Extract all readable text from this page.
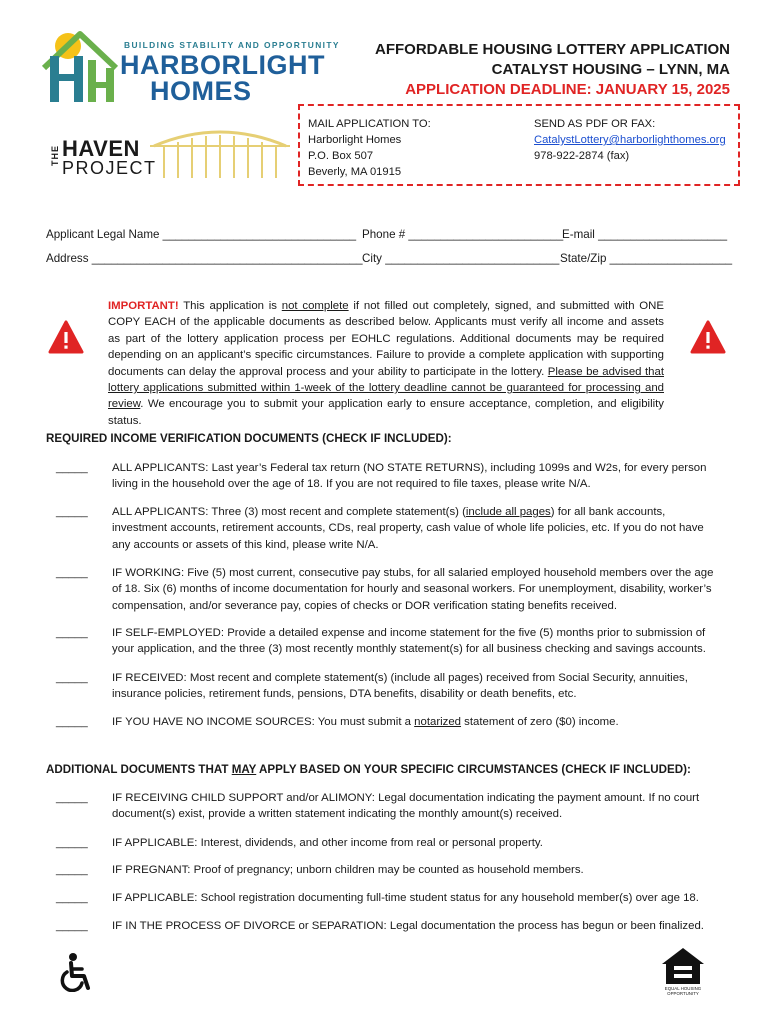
BUILDING STABILITY AND OPPORTUNITY
HARBORLIGHT
HOMES
THE HAVEN
PROJECT
AFFORDABLE HOUSING LOTTERY APPLICATION
CATALYST HOUSING – LYNN, MA
APPLICATION DEADLINE: JANUARY 15, 2025
MAIL APPLICATION TO:
Harborlight Homes
P.O. Box 507
Beverly, MA 01915
SEND AS PDF OR FAX:
CatalystLottery@harborlighthomes.org
978-922-2874 (fax)
Applicant Legal Name ______________________________ Phone # ________________________
E-mail ____________________
Address __________________________________________ City ___________________________ State/Zip ___________________
IMPORTANT! This application is not complete if not filled out completely, signed, and submitted with ONE COPY EACH of the applicable documents as described below. Applicants must verify all income and assets as part of the lottery application process per EOHLC regulations. Additional documents may be required depending on an applicant’s specific circumstances. Failure to provide a complete application with supporting documents can delay the approval process and your ability to participate in the lottery. Please be advised that lottery applications submitted within 1-week of the lottery deadline cannot be guaranteed for processing and review. We encourage you to submit your application early to ensure acceptance, completion, and eligibility status.
REQUIRED INCOME VERIFICATION DOCUMENTS (CHECK IF INCLUDED):
_____ ALL APPLICANTS: Last year’s Federal tax return (NO STATE RETURNS), including 1099s and W2s, for every person living in the household over the age of 18. If you are not required to file taxes, please write N/A.
_____ ALL APPLICANTS: Three (3) most recent and complete statement(s) (include all pages) for all bank accounts, investment accounts, retirement accounts, CDs, real property, cash value of whole life policies, etc. If you do not have any accounts or assets of this kind, please write N/A.
_____ IF WORKING: Five (5) most current, consecutive pay stubs, for all salaried employed household members over the age of 18. Six (6) months of income documentation for hourly and seasonal workers. For unemployment, disability, worker’s compensation, and/or severance pay, copies of checks or DOR verification stating benefits received.
_____ IF SELF-EMPLOYED: Provide a detailed expense and income statement for the five (5) months prior to submission of your application, and the three (3) most recently monthly statement(s) for all business checking and savings accounts.
_____ IF RECEIVED: Most recent and complete statement(s) (include all pages) received from Social Security, annuities, insurance policies, retirement funds, pensions, DTA benefits, disability or death benefits, etc.
_____ IF YOU HAVE NO INCOME SOURCES: You must submit a notarized statement of zero ($0) income.
ADDITIONAL DOCUMENTS THAT MAY APPLY BASED ON YOUR SPECIFIC CIRCUMSTANCES (CHECK IF INCLUDED):
_____ IF RECEIVING CHILD SUPPORT and/or ALIMONY: Legal documentation indicating the payment amount. If no court document(s) exist, provide a written statement indicating the monthly amount(s) received.
_____ IF APPLICABLE: Interest, dividends, and other income from real or personal property.
_____ IF PREGNANT: Proof of pregnancy; unborn children may be counted as household members.
_____ IF APPLICABLE: School registration documenting full-time student status for any household member(s) over age 18.
_____ IF IN THE PROCESS OF DIVORCE or SEPARATION: Legal documentation the process has begun or been finalized.
EQUAL HOUSING
OPPORTUNITY
